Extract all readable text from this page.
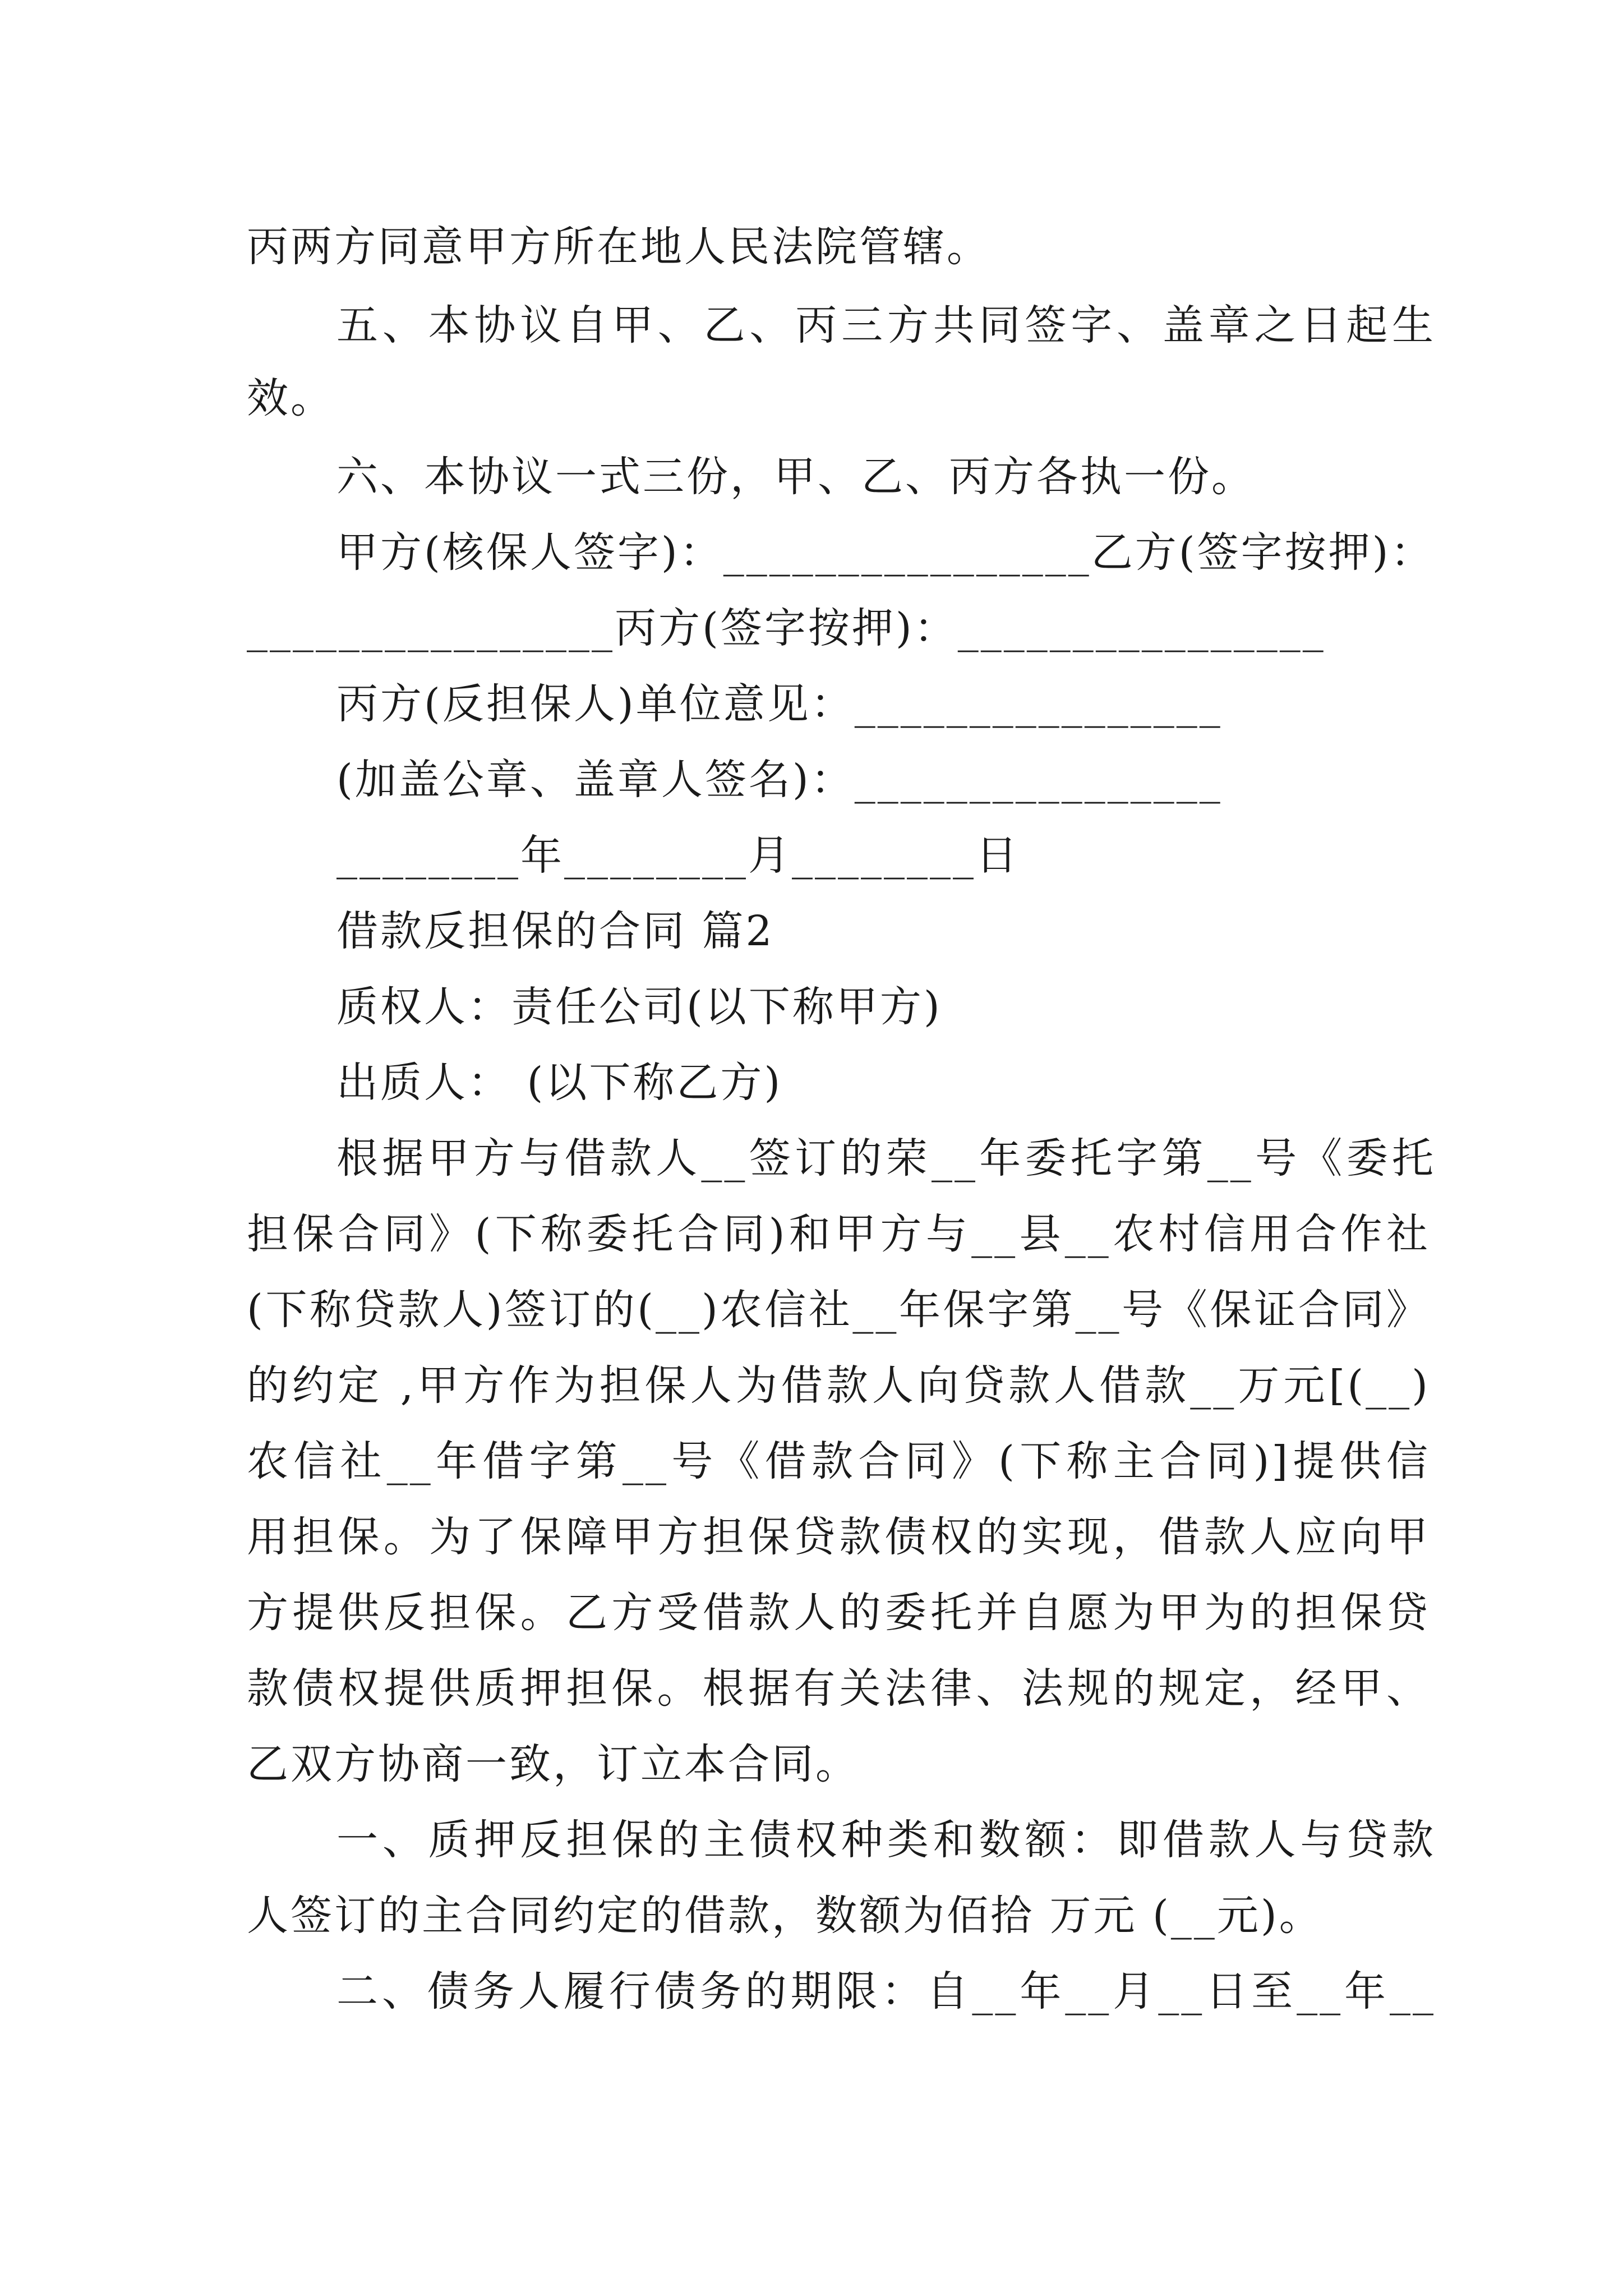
丙两方同意甲方所在地人民法院管辖。
五、本协议自甲、乙、丙三方共同签字、盖章之日起生
效。
六、本协议一式三份，甲、乙、丙方各执一份。
甲方(核保人签字)：________________乙方(签字按押)：
________________丙方(签字按押)：________________
丙方(反担保人)单位意见：________________
(加盖公章、盖章人签名)：________________
________年________月________日
借款反担保的合同 篇2
质权人：责任公司(以下称甲方)
出质人： (以下称乙方)
根据甲方与借款人__签订的荣__年委托字第__号《委托
担保合同》(下称委托合同)和甲方与__县__农村信用合作社
(下称贷款人)签订的(__)农信社__年保字第__号《保证合同》
的约定 ,甲方作为担保人为借款人向贷款人借款__万元[(__)
农信社__年借字第__号《借款合同》(下称主合同)]提供信
用担保。为了保障甲方担保贷款债权的实现，借款人应向甲
方提供反担保。乙方受借款人的委托并自愿为甲为的担保贷
款债权提供质押担保。根据有关法律、法规的规定，经甲、
乙双方协商一致，订立本合同。
一、质押反担保的主债权种类和数额：即借款人与贷款
人签订的主合同约定的借款，数额为佰拾 万元 (__元)。
二、债务人履行债务的期限：自__年__月__日至__年__
